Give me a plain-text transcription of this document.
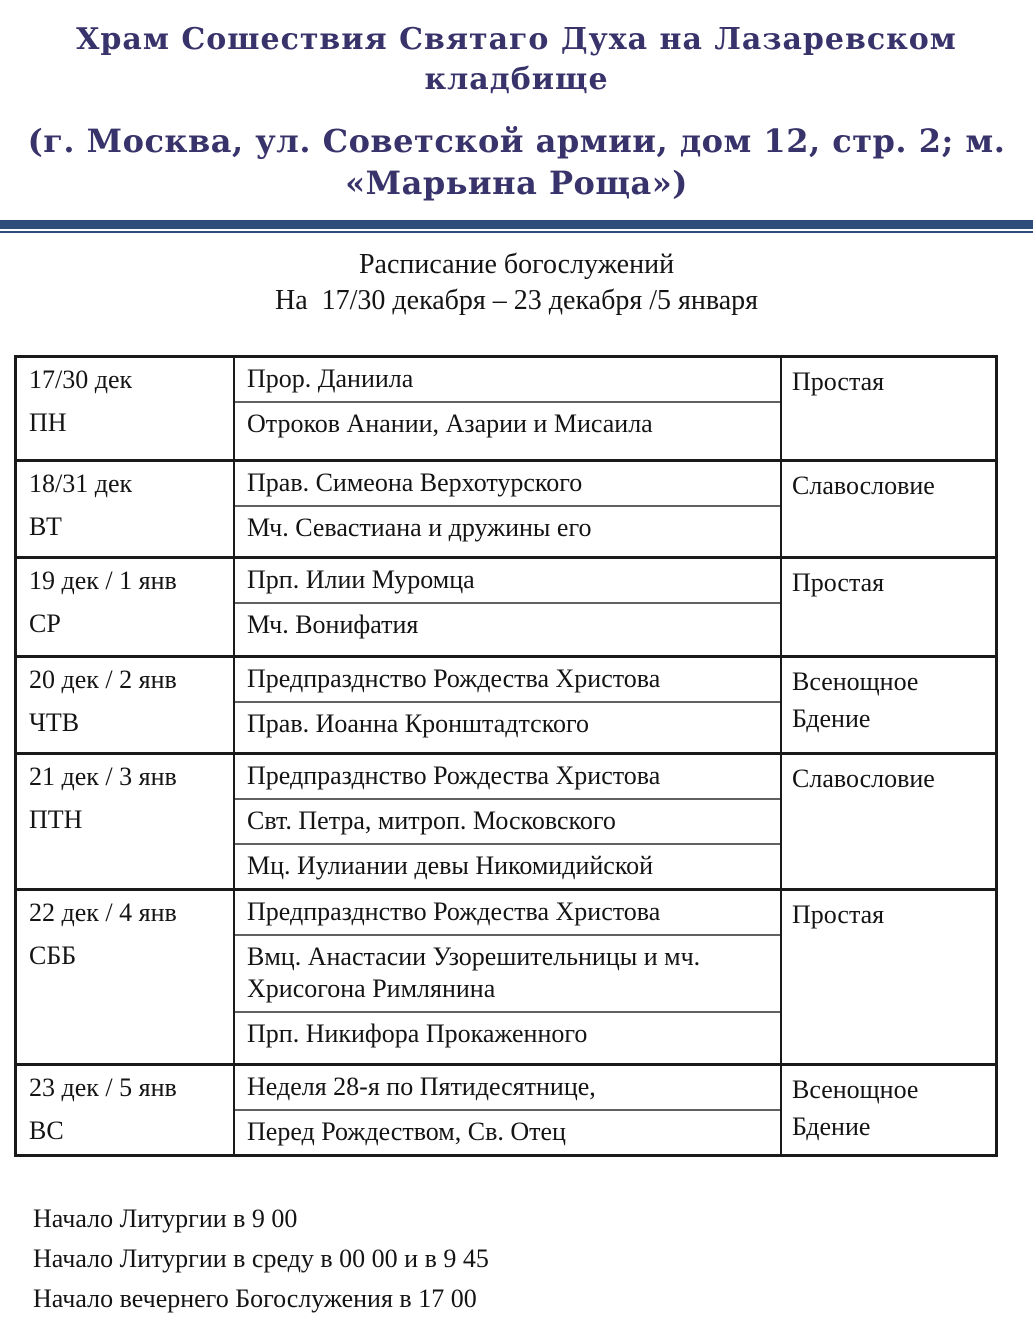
Храм Сошествия Святаго Духа на Лазаревском кладбище
(г. Москва, ул. Советской армии, дом 12, стр. 2; м. «Марьина Роща»)
Расписание богослужений
На  17/30 декабря – 23 декабря /5 января
17/30 дек
ПН
Прор. Даниила
Отроков Анании, Азарии и Мисаила
Простая
18/31 дек
ВТ
Прав. Симеона Верхотурского
Мч. Севастиана и дружины его
Славословие
19 дек / 1 янв
СР
Прп. Илии Муромца
Мч. Вонифатия
Простая
20 дек / 2 янв
ЧТВ
Предпразднство Рождества Христова
Прав. Иоанна Кронштадтского
Всенощное Бдение
21 дек / 3 янв
ПТН
Предпразднство Рождества Христова
Свт. Петра, митроп. Московского
Мц. Иулиании девы Никомидийской
Славословие
22 дек / 4 янв
СББ
Предпразднство Рождества Христова
Вмц. Анастасии Узорешительницы и мч. Хрисогона Римлянина
Прп. Никифора Прокаженного
Простая
23 дек / 5 янв
ВС
Неделя 28-я по Пятидесятнице,
Перед Рождеством, Св. Отец
Всенощное Бдение
Начало Литургии в 9 00
Начало Литургии в среду в 00 00 и в 9 45
Начало вечернего Богослужения в 17 00
